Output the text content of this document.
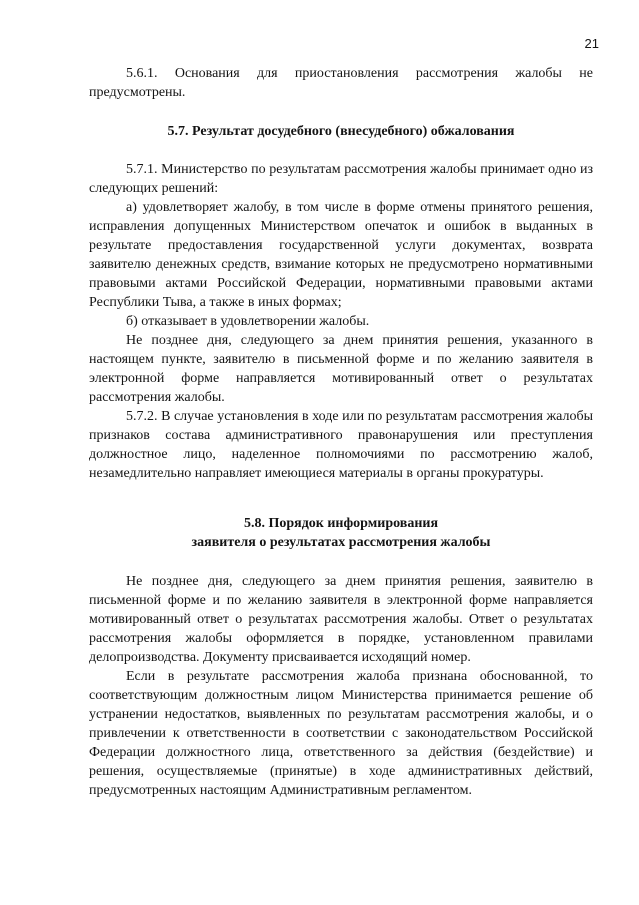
21

5.6.1. Основания для приостановления рассмотрения жалобы не предусмотрены.

5.7. Результат досудебного (внесудебного) обжалования

5.7.1. Министерство по результатам рассмотрения жалобы принимает одно из следующих решений:

а) удовлетворяет жалобу, в том числе в форме отмены принятого решения, исправления допущенных Министерством опечаток и ошибок в выданных в результате предоставления государственной услуги документах, возврата заявителю денежных средств, взимание которых не предусмотрено нормативными правовыми актами Российской Федерации, нормативными правовыми актами Республики Тыва, а также в иных формах;

б) отказывает в удовлетворении жалобы.

Не позднее дня, следующего за днем принятия решения, указанного в настоящем пункте, заявителю в письменной форме и по желанию заявителя в электронной форме направляется мотивированный ответ о результатах рассмотрения жалобы.

5.7.2. В случае установления в ходе или по результатам рассмотрения жалобы признаков состава административного правонарушения или преступления должностное лицо, наделенное полномочиями по рассмотрению жалоб, незамедлительно направляет имеющиеся материалы в органы прокуратуры.

5.8. Порядок информирования

заявителя о результатах рассмотрения жалобы

Не позднее дня, следующего за днем принятия решения, заявителю в письменной форме и по желанию заявителя в электронной форме направляется мотивированный ответ о результатах рассмотрения жалобы. Ответ о результатах рассмотрения жалобы оформляется в порядке, установленном правилами делопроизводства. Документу присваивается исходящий номер.

Если в результате рассмотрения жалоба признана обоснованной, то соответствующим должностным лицом Министерства принимается решение об устранении недостатков, выявленных по результатам рассмотрения жалобы, и о привлечении к ответственности в соответствии с законодательством Российской Федерации должностного лица, ответственного за действия (бездействие) и решения, осуществляемые (принятые) в ходе административных действий, предусмотренных настоящим Административным регламентом.
